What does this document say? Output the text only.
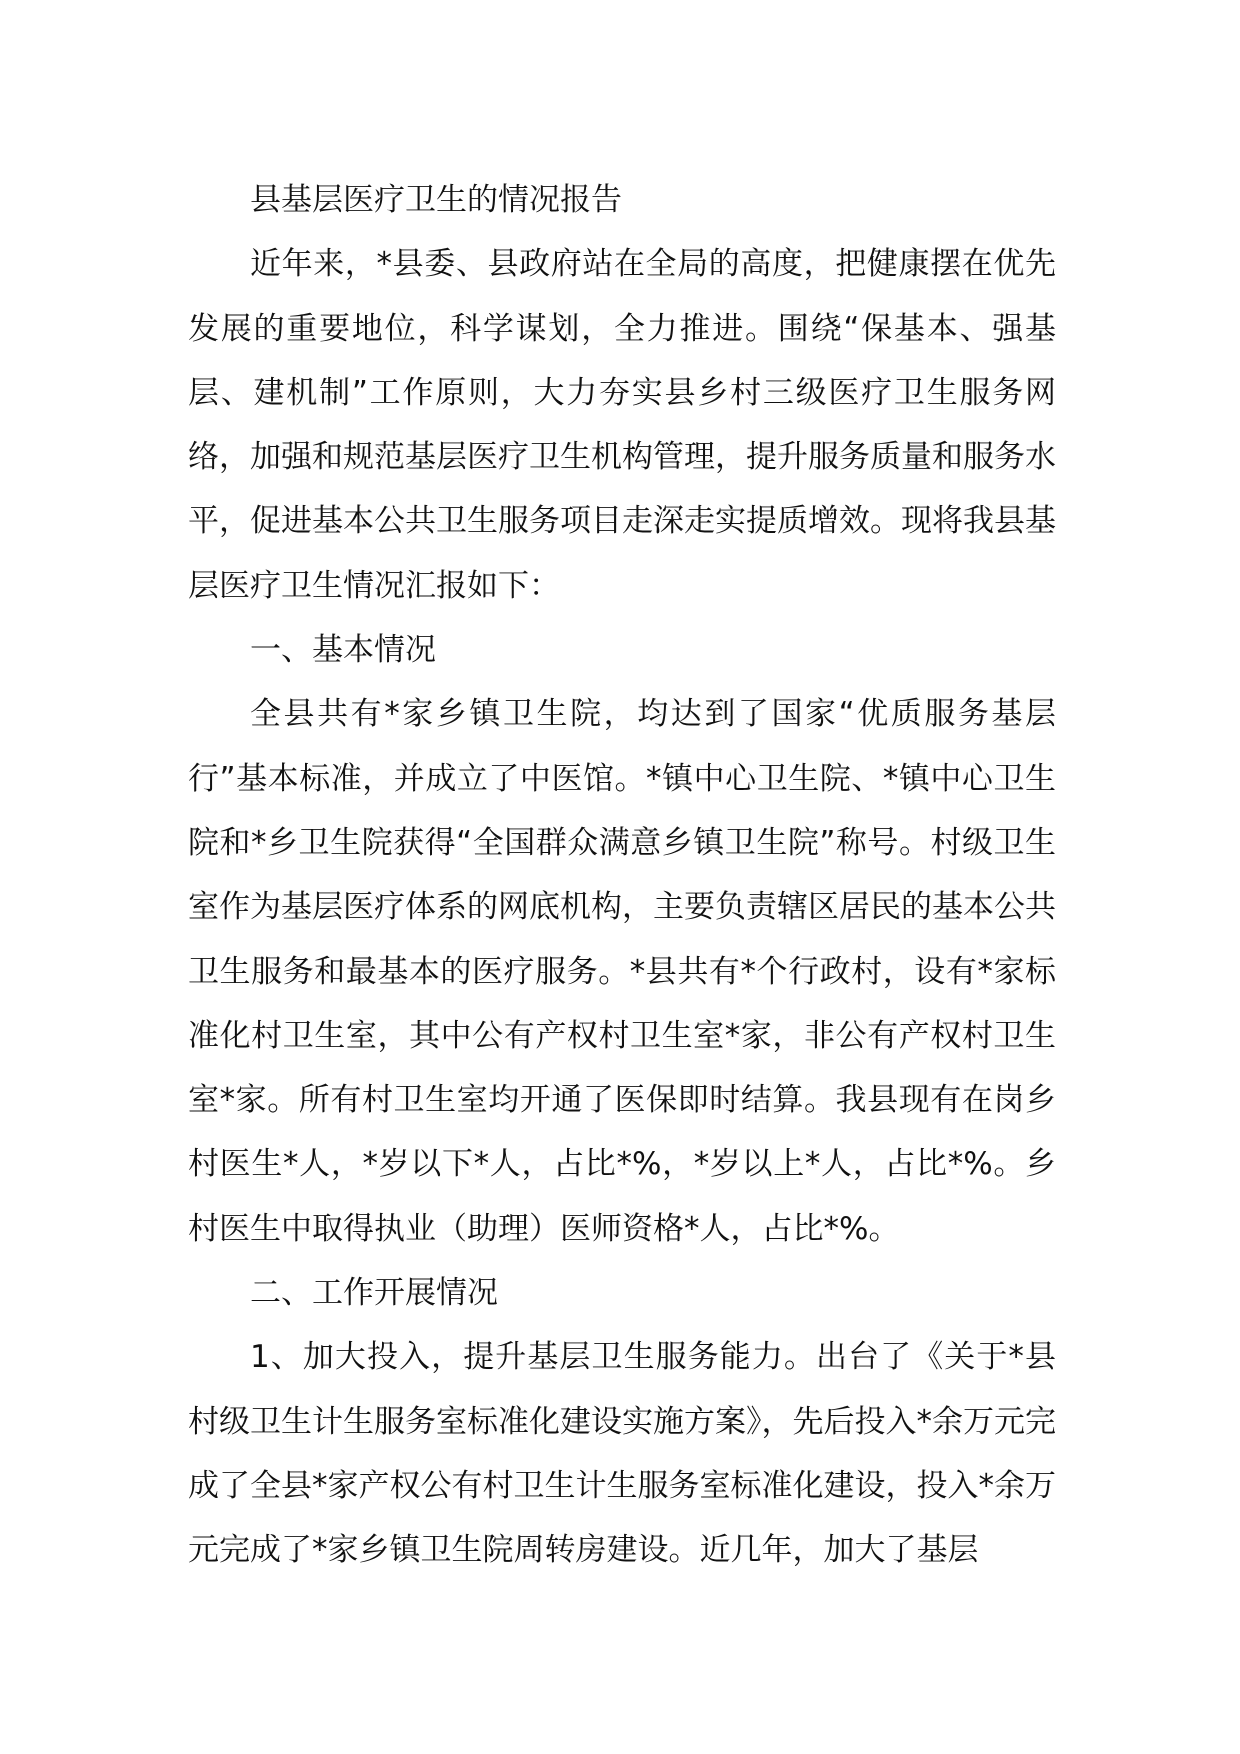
县基层医疗卫生的情况报告

近年来，*县委、县政府站在全局的高度，把健康摆在优先发展的重要地位，科学谋划，全力推进。围绕“保基本、强基层、建机制”工作原则，大力夯实县乡村三级医疗卫生服务网络，加强和规范基层医疗卫生机构管理，提升服务质量和服务水平，促进基本公共卫生服务项目走深走实提质增效。现将我县基层医疗卫生情况汇报如下：

一、基本情况

全县共有*家乡镇卫生院，均达到了国家“优质服务基层行”基本标准，并成立了中医馆。*镇中心卫生院、*镇中心卫生院和*乡卫生院获得“全国群众满意乡镇卫生院”称号。村级卫生室作为基层医疗体系的网底机构，主要负责辖区居民的基本公共卫生服务和最基本的医疗服务。*县共有*个行政村，设有*家标准化村卫生室，其中公有产权村卫生室*家，非公有产权村卫生室*家。所有村卫生室均开通了医保即时结算。我县现有在岗乡村医生*人，*岁以下*人，占比*%，*岁以上*人，占比*%。乡村医生中取得执业（助理）医师资格*人，占比*%。

二、工作开展情况

1、加大投入，提升基层卫生服务能力。出台了《关于*县村级卫生计生服务室标准化建设实施方案》，先后投入*余万元完成了全县*家产权公有村卫生计生服务室标准化建设，投入*余万元完成了*家乡镇卫生院周转房建设。近几年，加大了基层
